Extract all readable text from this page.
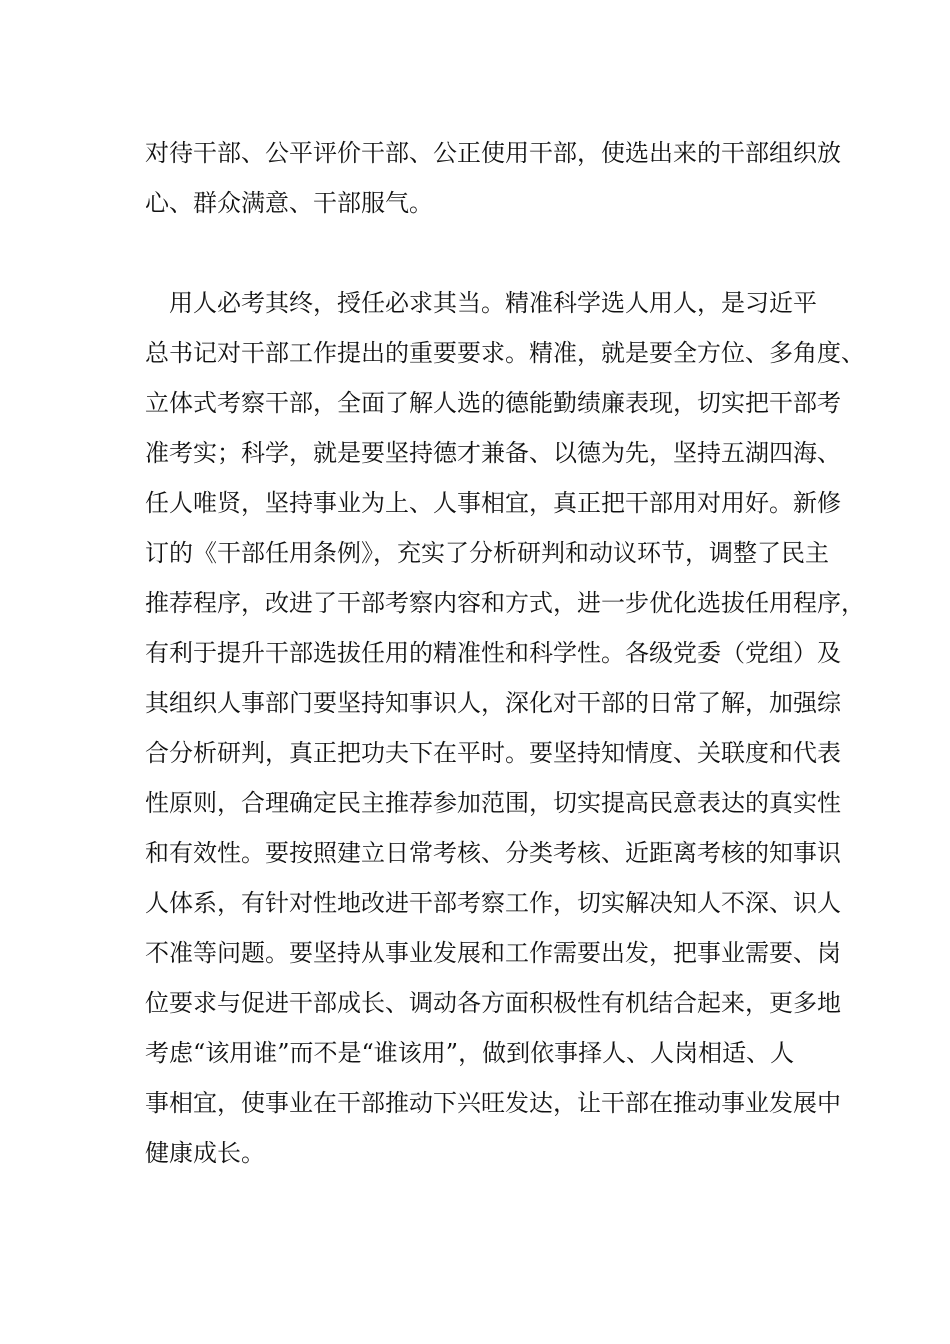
对待干部、公平评价干部、公正使用干部，使选出来的干部组织放

心、群众满意、干部服气。

　用人必考其终，授任必求其当。精准科学选人用人，是习近平

总书记对干部工作提出的重要要求。精准，就是要全方位、多角度、

立体式考察干部，全面了解人选的德能勤绩廉表现，切实把干部考

准考实；科学，就是要坚持德才兼备、以德为先，坚持五湖四海、

任人唯贤，坚持事业为上、人事相宜，真正把干部用对用好。新修

订的《干部任用条例》，充实了分析研判和动议环节，调整了民主

推荐程序，改进了干部考察内容和方式，进一步优化选拔任用程序，

有利于提升干部选拔任用的精准性和科学性。各级党委（党组）及

其组织人事部门要坚持知事识人，深化对干部的日常了解，加强综

合分析研判，真正把功夫下在平时。要坚持知情度、关联度和代表

性原则，合理确定民主推荐参加范围，切实提高民意表达的真实性

和有效性。要按照建立日常考核、分类考核、近距离考核的知事识

人体系，有针对性地改进干部考察工作，切实解决知人不深、识人

不准等问题。要坚持从事业发展和工作需要出发，把事业需要、岗

位要求与促进干部成长、调动各方面积极性有机结合起来，更多地

考虑“该用谁”而不是“谁该用”，做到依事择人、人岗相适、人

事相宜，使事业在干部推动下兴旺发达，让干部在推动事业发展中

健康成长。
